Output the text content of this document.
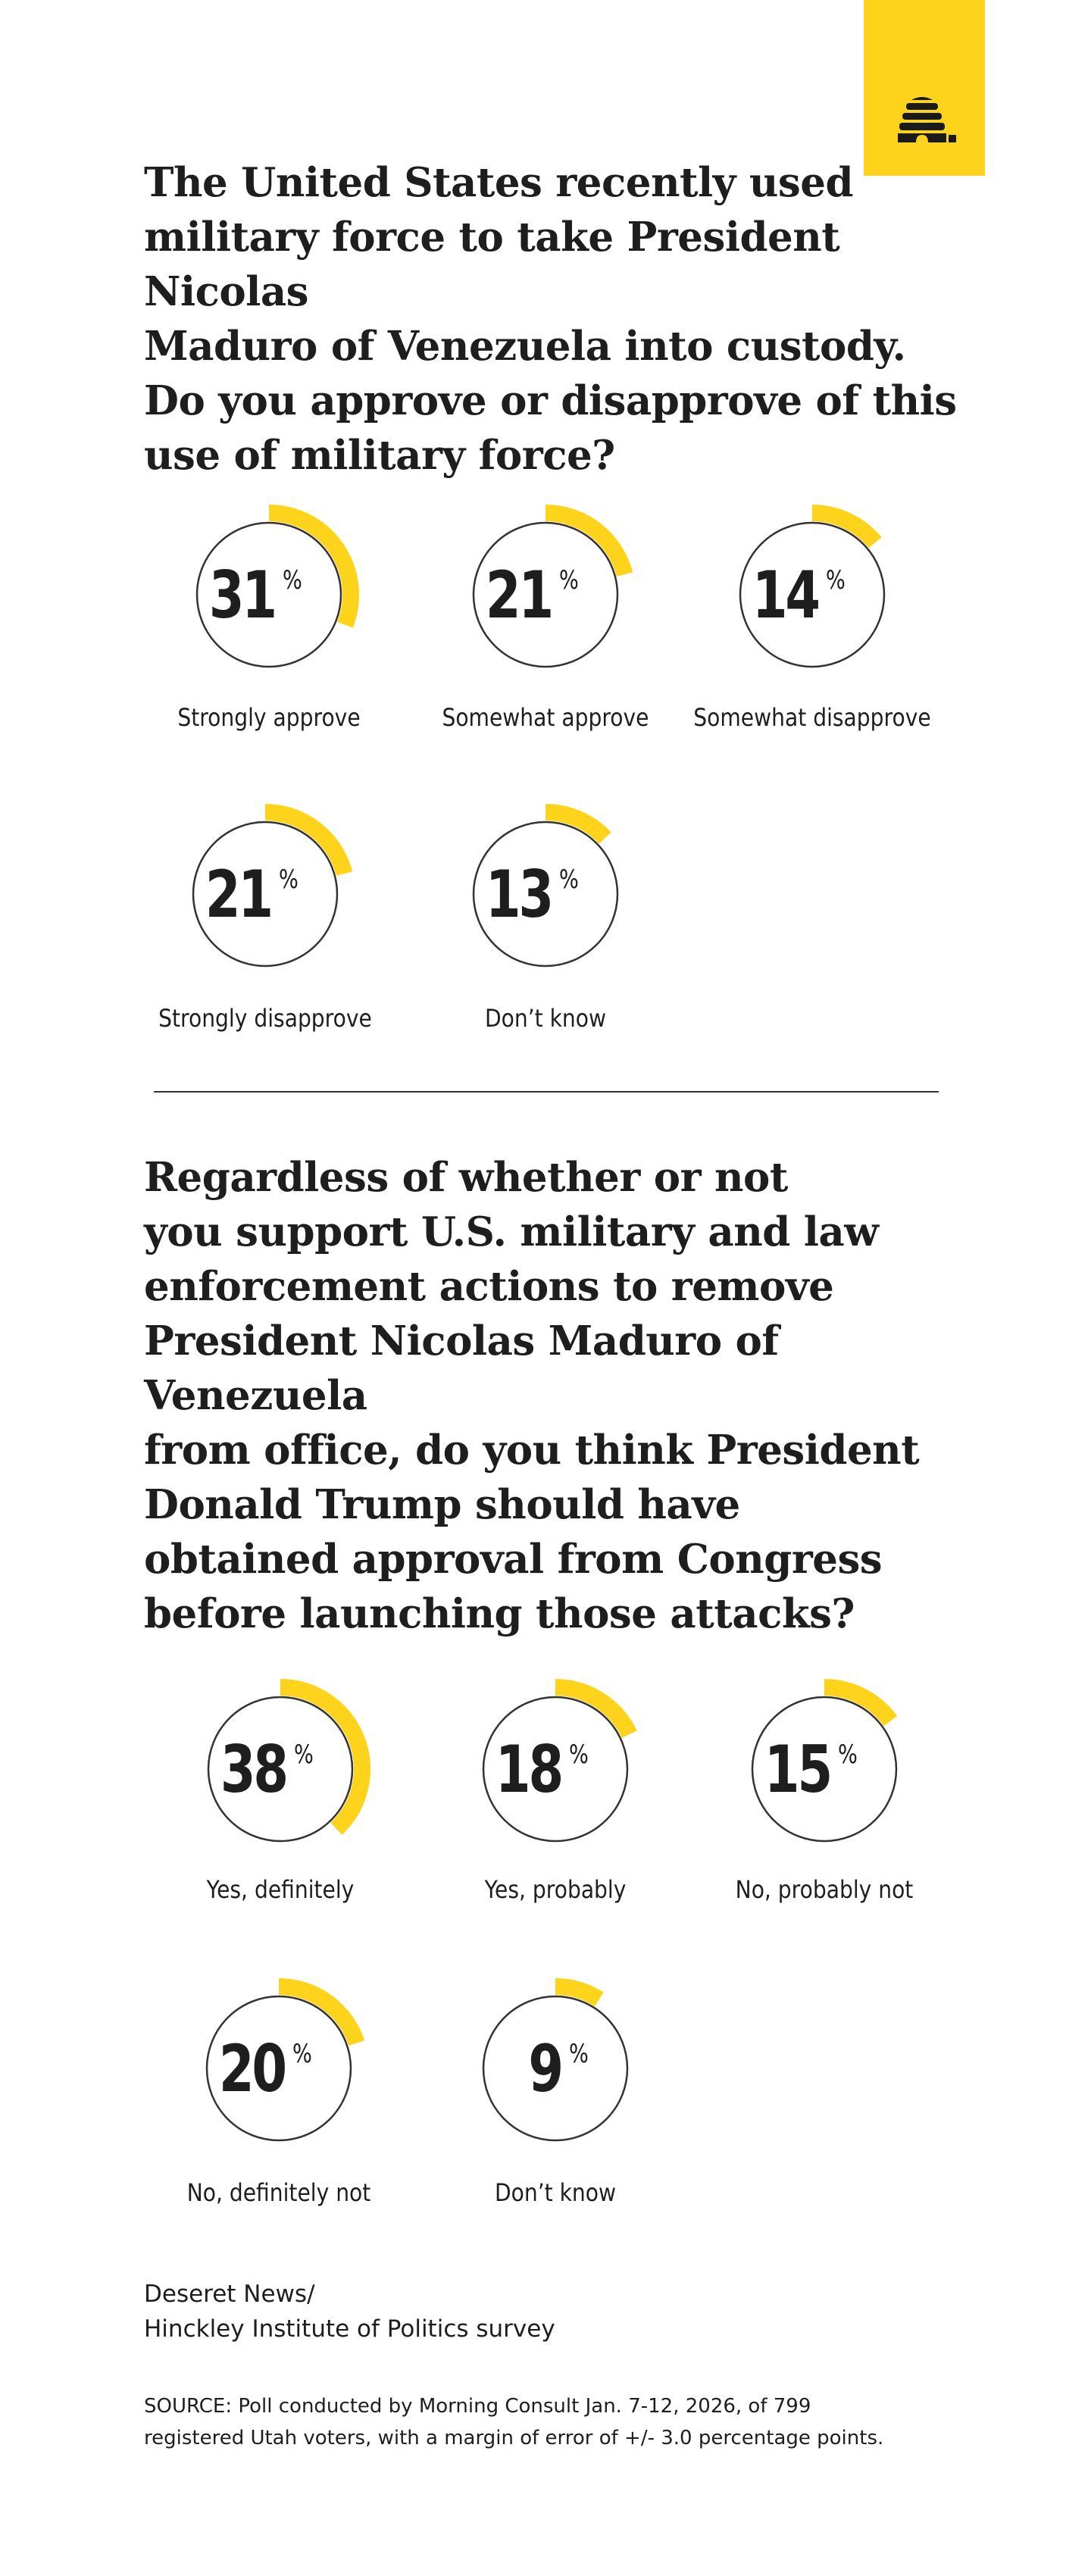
The United States recently used
military force to take President Nicolas
Maduro of Venezuela into custody.
Do you approve or disapprove of this
use of military force?
31 %
Strongly approve
21 %
Somewhat approve
14 %
Somewhat disapprove
21 %
Strongly disapprove
13 %
Don’t know
Regardless of whether or not
you support U.S. military and law
enforcement actions to remove
President Nicolas Maduro of Venezuela
from office, do you think President
Donald Trump should have
obtained approval from Congress
before launching those attacks?
38 %
Yes, definitely
18 %
Yes, probably
15 %
No, probably not
20 %
No, definitely not
9 %
Don’t know
Deseret News/
Hinckley Institute of Politics survey
SOURCE: Poll conducted by Morning Consult Jan. 7-12, 2026, of 799
registered Utah voters, with a margin of error of +/- 3.0 percentage points.
